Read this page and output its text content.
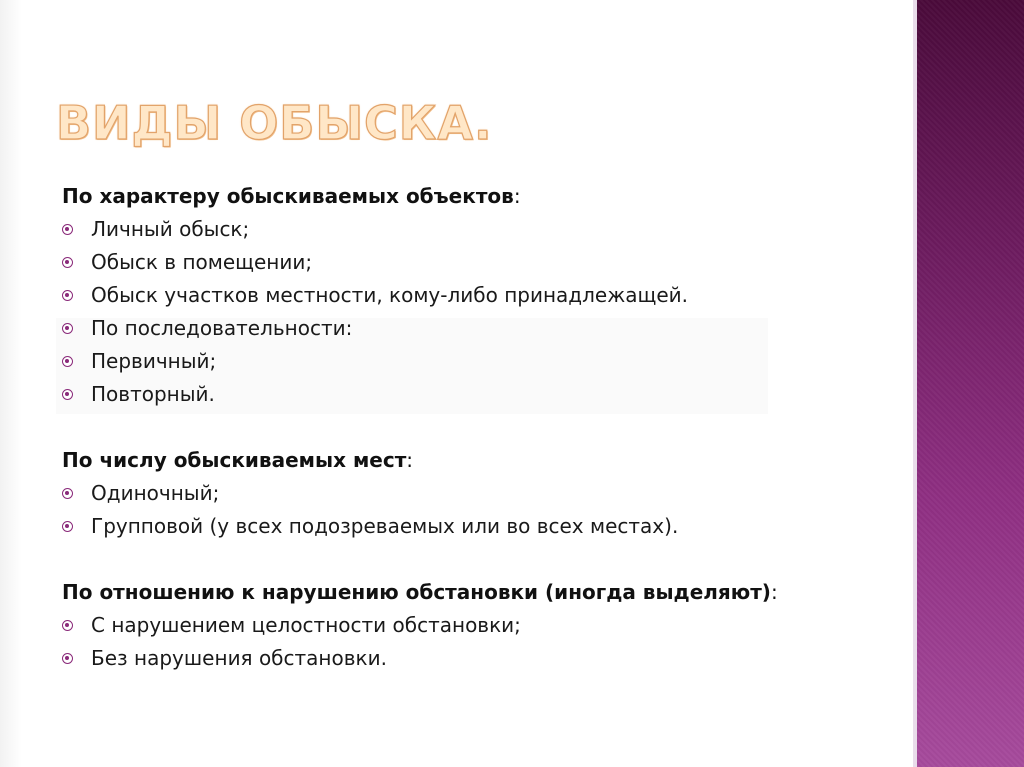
ВИДЫ ОБЫСКА.
По характеру обыскиваемых объектов:
Личный обыск;
Обыск в помещении;
Обыск участков местности, кому-либо принадлежащей.
По последовательности:
Первичный;
Повторный.
По числу обыскиваемых мест:
Одиночный;
Групповой (у всех подозреваемых или во всех местах).
По отношению к нарушению обстановки (иногда выделяют):
С нарушением целостности обстановки;
Без нарушения обстановки.
